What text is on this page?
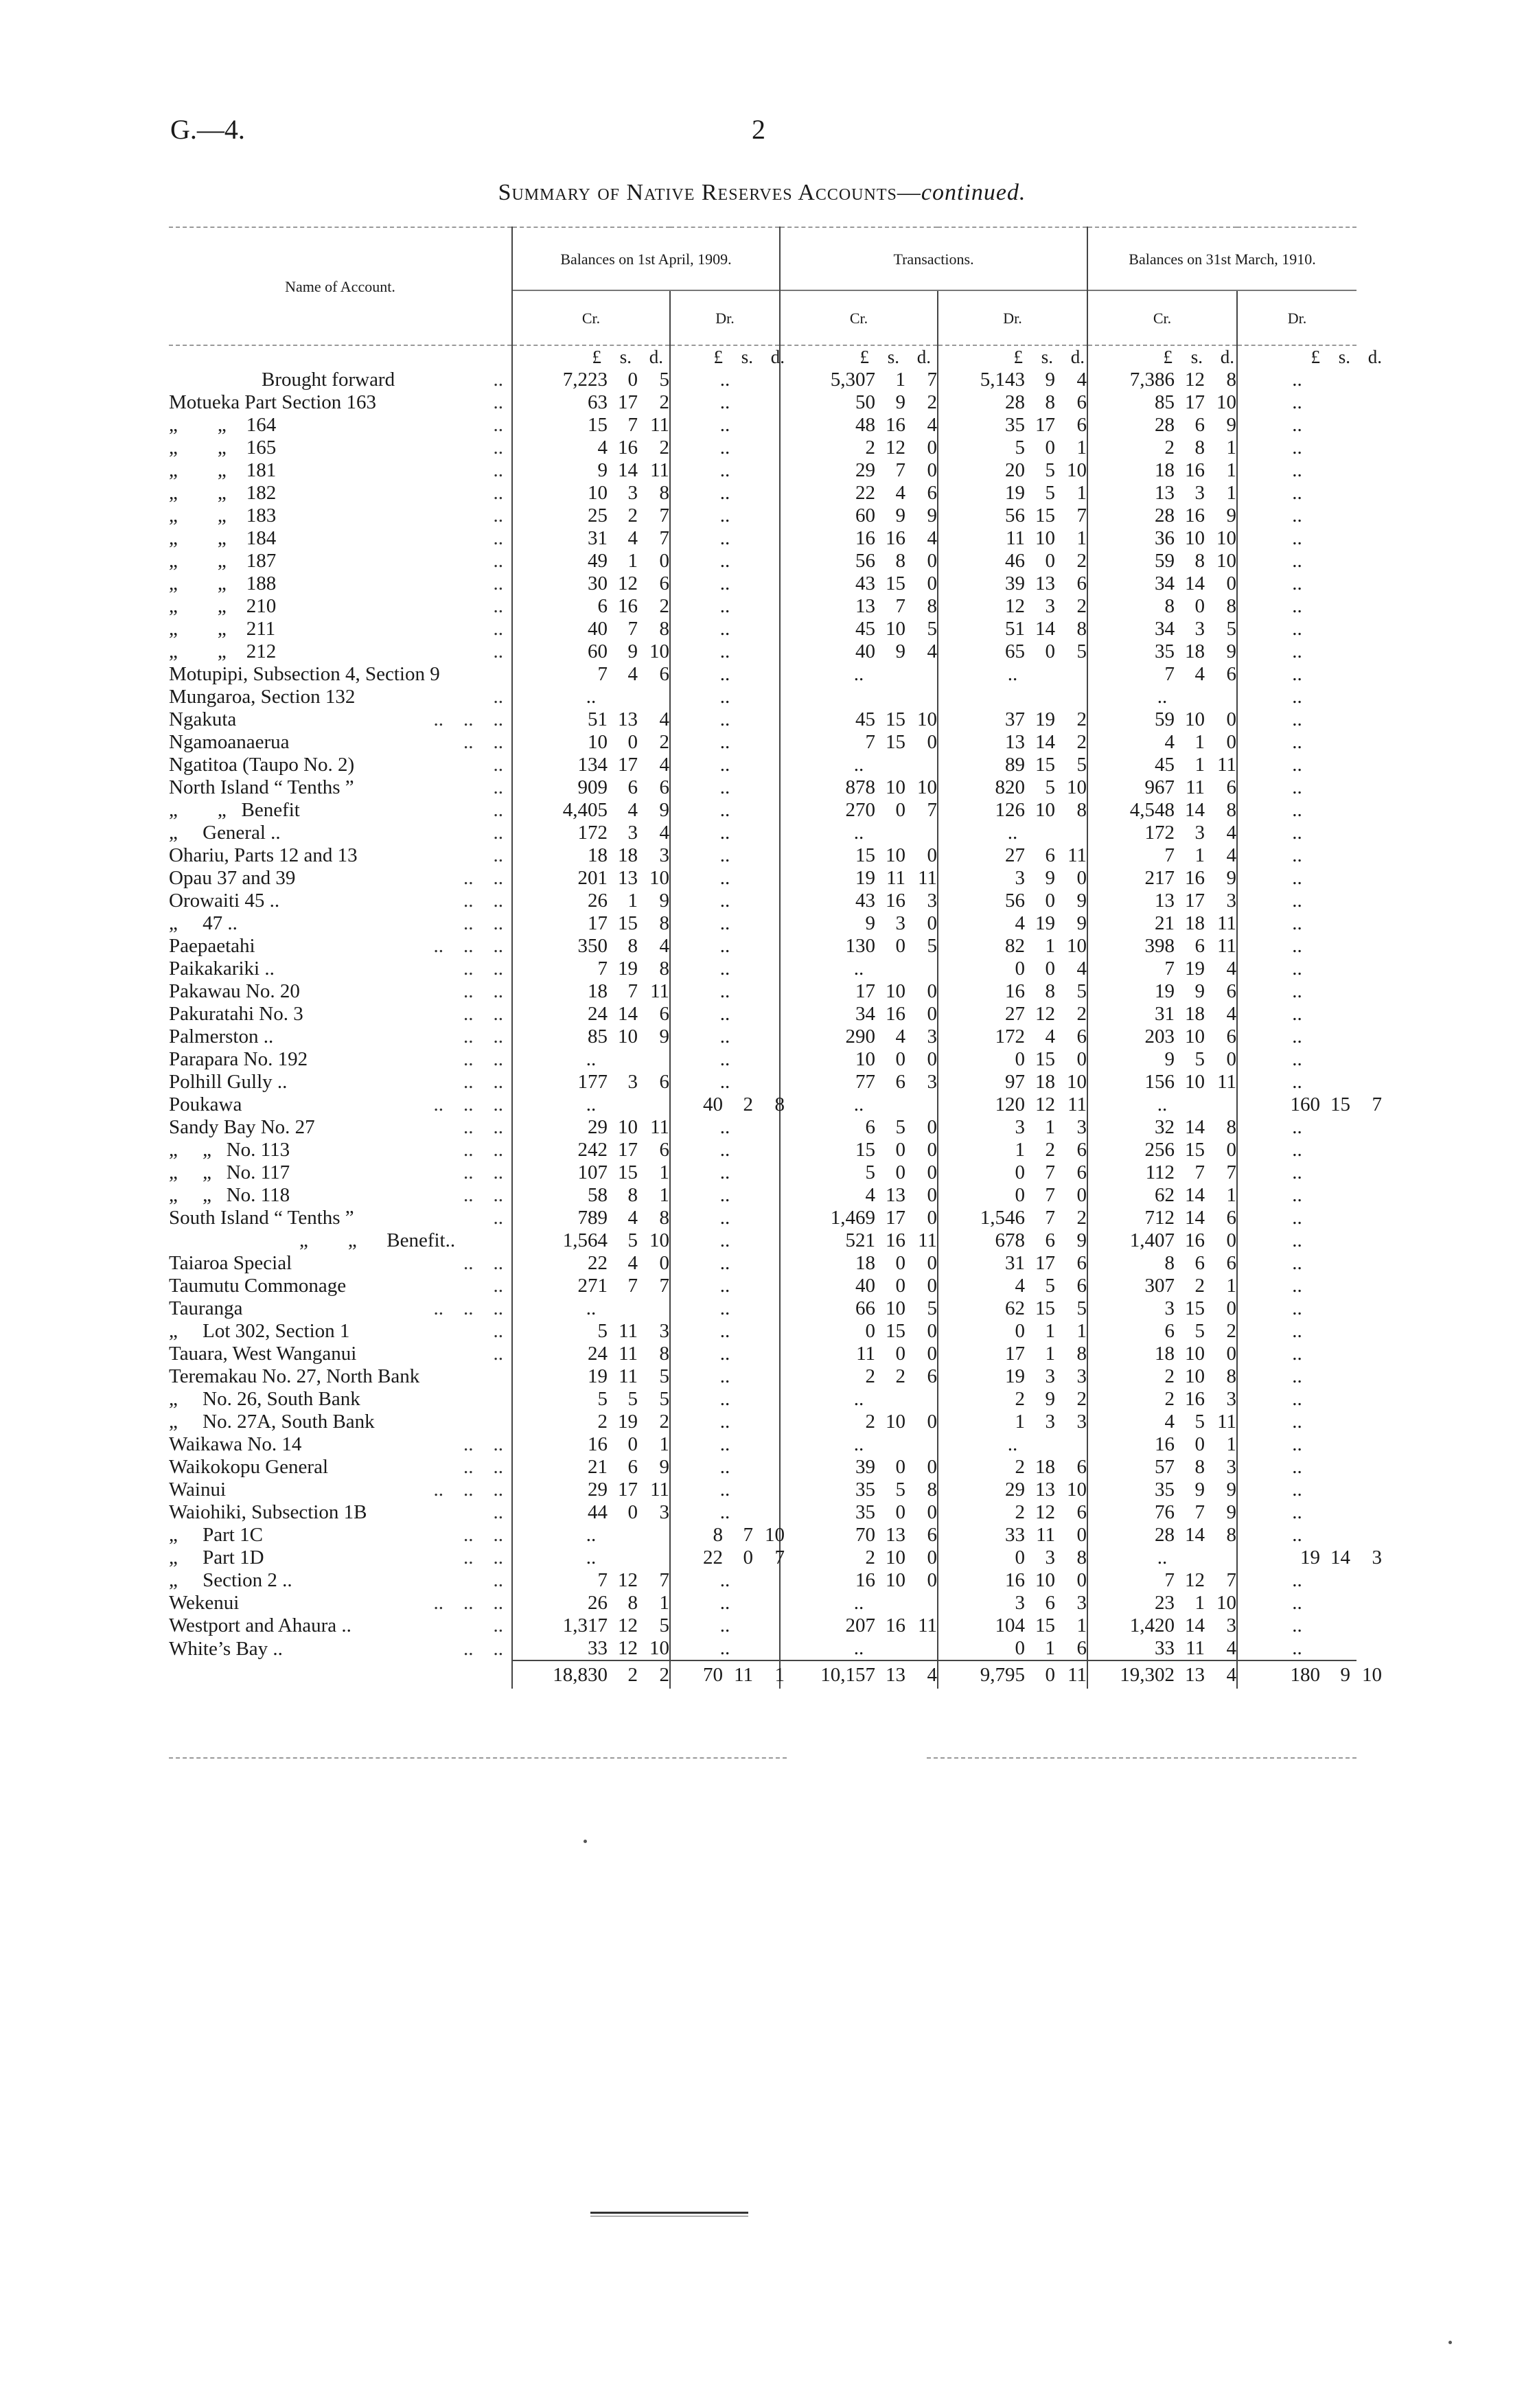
G.—4.	2
Summary of Native Reserves Accounts—continued.
Name of Account.	Balances on 1st April, 1909.		Transactions.		Balances on 31st March, 1910.	
	Cr.	Dr.	Cr.	Dr.	Cr.	Dr.
	£ s. d.	£ s. d.	£ s. d.	£ s. d.	£ s. d.	£ s. d.
Brought forward ..	7,223 0 5	..	5,307 1 7	5,143 9 4	7,386 12 8	..
Motueka Part Section 163 ..	63 17 2	..	50 9 2	28 8 6	85 17 10	..
„        „    164 ..	15 7 11	..	48 16 4	35 17 6	28 6 9	..
„        „    165 ..	4 16 2	..	2 12 0	5 0 1	2 8 1	..
„        „    181 ..	9 14 11	..	29 7 0	20 5 10	18 16 1	..
„        „    182 ..	10 3 8	..	22 4 6	19 5 1	13 3 1	..
„        „    183 ..	25 2 7	..	60 9 9	56 15 7	28 16 9	..
„        „    184 ..	31 4 7	..	16 16 4	11 10 1	36 10 10	..
„        „    187 ..	49 1 0	..	56 8 0	46 0 2	59 8 10	..
„        „    188 ..	30 12 6	..	43 15 0	39 13 6	34 14 0	..
„        „    210 ..	6 16 2	..	13 7 8	12 3 2	8 0 8	..
„        „    211 ..	40 7 8	..	45 10 5	51 14 8	34 3 5	..
„        „    212 ..	60 9 10	..	40 9 4	65 0 5	35 18 9	..
Motupipi, Subsection 4, Section 9	7 4 6	..	..	..	7 4 6	..
Mungaroa, Section 132 ..	..	..			..	..
Ngakuta ..    ..    ..	51 13 4	..	45 15 10	37 19 2	59 10 0	..
Ngamoanaerua ..    ..	10 0 2	..	7 15 0	13 14 2	4 1 0	..
Ngatitoa (Taupo No. 2) ..	134 17 4	..	..	89 15 5	45 1 11	..
North Island “ Tenths ” ..	909 6 6	..	878 10 10	820 5 10	967 11 6	..
„        „   Benefit ..	4,405 4 9	..	270 0 7	126 10 8	4,548 14 8	..
„     General .. ..	172 3 4	..	..	..	172 3 4	..
Ohariu, Parts 12 and 13 ..	18 18 3	..	15 10 0	27 6 11	7 1 4	..
Opau 37 and 39 ..    ..	201 13 10	..	19 11 11	3 9 0	217 16 9	..
Orowaiti 45 .. ..    ..	26 1 9	..	43 16 3	56 0 9	13 17 3	..
„     47 .. ..    ..	17 15 8	..	9 3 0	4 19 9	21 18 11	..
Paepaetahi ..    ..    ..	350 8 4	..	130 0 5	82 1 10	398 6 11	..
Paikakariki .. ..    ..	7 19 8	..	..	0 0 4	7 19 4	..
Pakawau No. 20 ..    ..	18 7 11	..	17 10 0	16 8 5	19 9 6	..
Pakuratahi No. 3 ..    ..	24 14 6	..	34 16 0	27 12 2	31 18 4	..
Palmerston .. ..    ..	85 10 9	..	290 4 3	172 4 6	203 10 6	..
Parapara No. 192 ..    ..	..	..	10 0 0	0 15 0	9 5 0	..
Polhill Gully .. ..    ..	177 3 6	..	77 6 3	97 18 10	156 10 11	..
Poukawa ..    ..    ..	..	40 2 8	..	120 12 11	..	160 15 7
Sandy Bay No. 27 ..    ..	29 10 11	..	6 5 0	3 1 3	32 14 8	..
„     „   No. 113 ..    ..	242 17 6	..	15 0 0	1 2 6	256 15 0	..
„     „   No. 117 ..    ..	107 15 1	..	5 0 0	0 7 6	112 7 7	..
„     „   No. 118 ..    ..	58 8 1	..	4 13 0	0 7 0	62 14 1	..
South Island “ Tenths ” ..	789 4 8	..	1,469 17 0	1,546 7 2	712 14 6	..
„        „      Benefit..	1,564 5 10	..	521 16 11	678 6 9	1,407 16 0	..
Taiaroa Special ..    ..	22 4 0	..	18 0 0	31 17 6	8 6 6	..
Taumutu Commonage ..	271 7 7	..	40 0 0	4 5 6	307 2 1	..
Tauranga ..    ..    ..	..	..	66 10 5	62 15 5	3 15 0	..
„     Lot 302, Section 1 ..	5 11 3	..	0 15 0	0 1 1	6 5 2	..
Tauara, West Wanganui ..	24 11 8	..	11 0 0	17 1 8	18 10 0	..
Teremakau No. 27, North Bank	19 11 5	..	2 2 6	19 3 3	2 10 8	..
„     No. 26, South Bank	5 5 5	..	..	2 9 2	2 16 3	..
„     No. 27A, South Bank	2 19 2	..	2 10 0	1 3 3	4 5 11	..
Waikawa No. 14 ..    ..	16 0 1	..	..	..	16 0 1	..
Waikokopu General ..    ..	21 6 9	..	39 0 0	2 18 6	57 8 3	..
Wainui ..    ..    ..	29 17 11	..	35 5 8	29 13 10	35 9 9	..
Waiohiki, Subsection 1B ..	44 0 3	..	35 0 0	2 12 6	76 7 9	..
„     Part 1C ..    ..	..	8 7 10	70 13 6	33 11 0	28 14 8	..
„     Part 1D ..    ..	..	22 0 7	2 10 0	0 3 8	..	19 14 3
„     Section 2 .. ..	7 12 7	..	16 10 0	16 10 0	7 12 7	..
Wekenui ..    ..    ..	26 8 1	..	..	3 6 3	23 1 10	..
Westport and Ahaura .. ..	1,317 12 5	..	207 16 11	104 15 1	1,420 14 3	..
White’s Bay .. ..    ..	33 12 10	..	..	0 1 6	33 11 4	..
	18,830 2 2	70 11 1	10,157 13 4	9,795 0 11	19,302 13 4	180 9 10
